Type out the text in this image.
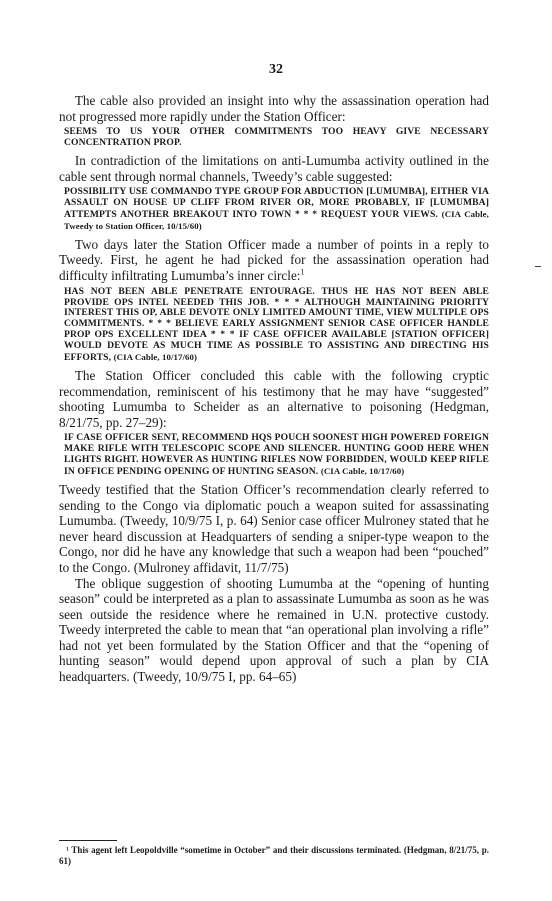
32

The cable also provided an insight into why the assassination operation had not progressed more rapidly under the Station Officer:

SEEMS TO US YOUR OTHER COMMITMENTS TOO HEAVY GIVE NECESSARY CONCENTRATION PROP.

In contradiction of the limitations on anti-Lumumba activity outlined in the cable sent through normal channels, Tweedy’s cable suggested:

POSSIBILITY USE COMMANDO TYPE GROUP FOR ABDUCTION [LUMUMBA], EITHER VIA ASSAULT ON HOUSE UP CLIFF FROM RIVER OR, MORE PROBABLY, IF [LUMUMBA] ATTEMPTS ANOTHER BREAKOUT INTO TOWN * * * REQUEST YOUR VIEWS. (CIA Cable, Tweedy to Station Officer, 10/15/60)

Two days later the Station Officer made a number of points in a reply to Tweedy. First, he agent he had picked for the assassination operation had difficulty infiltrating Lumumba’s inner circle:$^1$

HAS NOT BEEN ABLE PENETRATE ENTOURAGE. THUS HE HAS NOT BEEN ABLE PROVIDE OPS INTEL NEEDED THIS JOB. * * * ALTHOUGH MAINTAINING PRIORITY INTEREST THIS OP, ABLE DEVOTE ONLY LIMITED AMOUNT TIME, VIEW MULTIPLE OPS COMMITMENTS. * * * BELIEVE EARLY ASSIGNMENT SENIOR CASE OFFICER HANDLE PROP OPS EXCELLENT IDEA * * * IF CASE OFFICER AVAILABLE [STATION OFFICER] WOULD DEVOTE AS MUCH TIME AS POSSIBLE TO ASSISTING AND DIRECTING HIS EFFORTS, (CIA Cable, 10/17/60)

The Station Officer concluded this cable with the following cryptic recommendation, reminiscent of his testimony that he may have “suggested” shooting Lumumba to Scheider as an alternative to poisoning (Hedgman, 8/21/75, pp. 27–29):

IF CASE OFFICER SENT, RECOMMEND HQS POUCH SOONEST HIGH POWERED FOREIGN MAKE RIFLE WITH TELESCOPIC SCOPE AND SILENCER. HUNTING GOOD HERE WHEN LIGHTS RIGHT. HOWEVER AS HUNTING RIFLES NOW FORBIDDEN, WOULD KEEP RIFLE IN OFFICE PENDING OPENING OF HUNTING SEASON. (CIA Cable, 10/17/60)

Tweedy testified that the Station Officer’s recommendation clearly referred to sending to the Congo via diplomatic pouch a weapon suited for assassinating Lumumba. (Tweedy, 10/9/75 I, p. 64) Senior case officer Mulroney stated that he never heard discussion at Headquarters of sending a sniper-type weapon to the Congo, nor did he have any knowledge that such a weapon had been “pouched” to the Congo. (Mulroney affidavit, 11/7/75)

The oblique suggestion of shooting Lumumba at the “opening of hunting season” could be interpreted as a plan to assassinate Lumumba as soon as he was seen outside the residence where he remained in U.N. protective custody. Tweedy interpreted the cable to mean that “an operational plan involving a rifle” had not yet been formulated by the Station Officer and that the “opening of hunting season” would depend upon approval of such a plan by CIA headquarters. (Tweedy, 10/9/75 I, pp. 64–65)

¹ This agent left Leopoldville “sometime in October” and their discussions terminated. (Hedgman, 8/21/75, p. 61)
